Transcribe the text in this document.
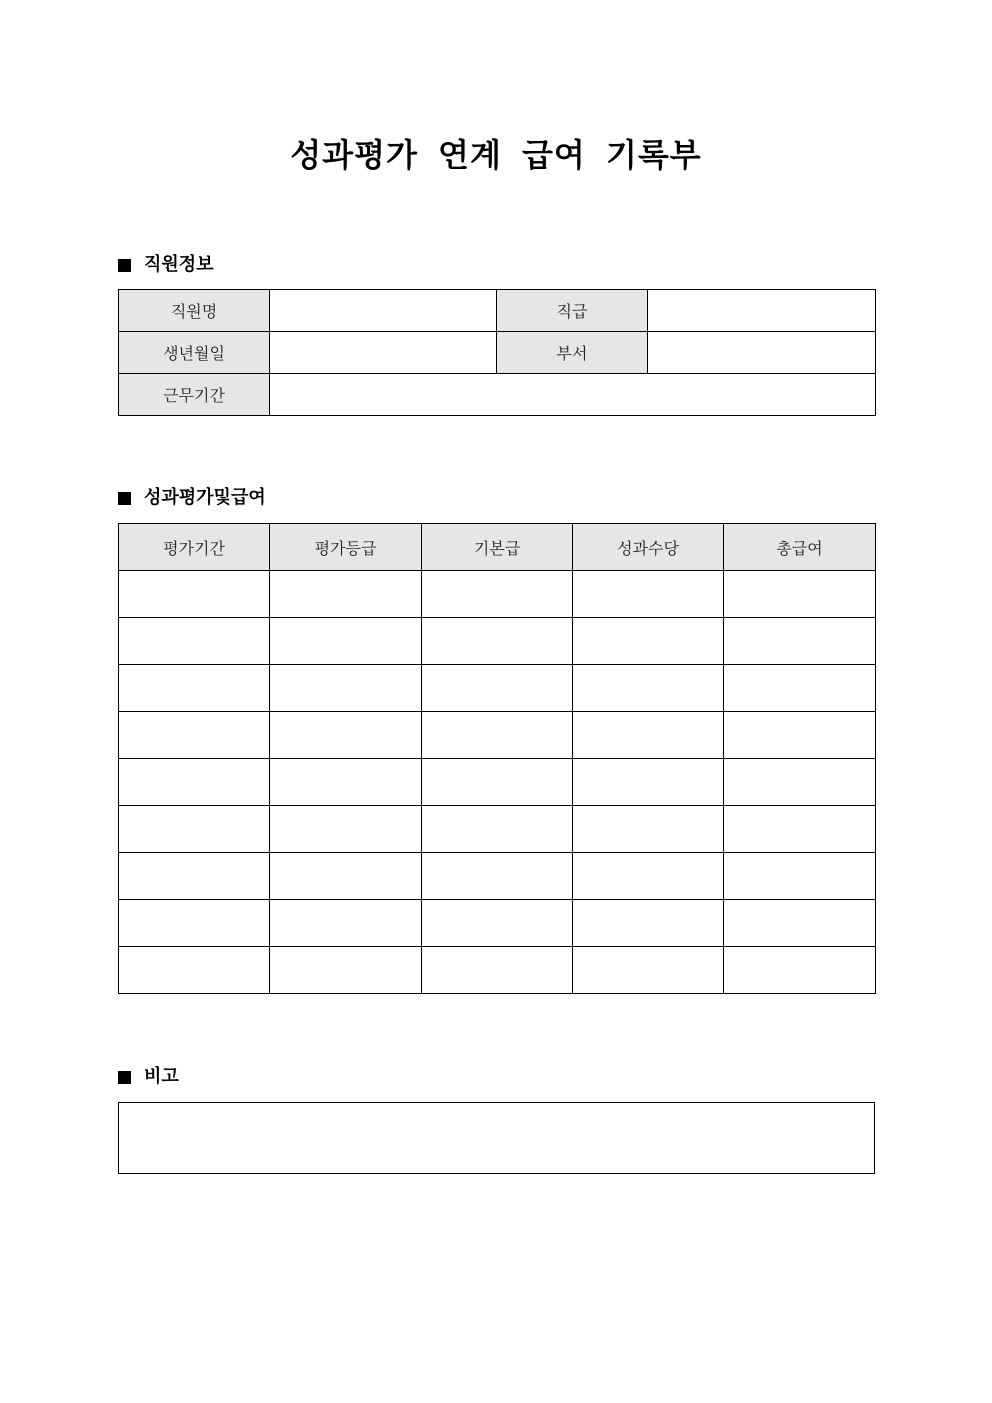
성과평가 연계 급여 기록부
직원정보
직원명		직급	
생년월일		부서	
근무기간			
성과평가및급여
평가기간	평가등급	기본급	성과수당	총급여

비고
